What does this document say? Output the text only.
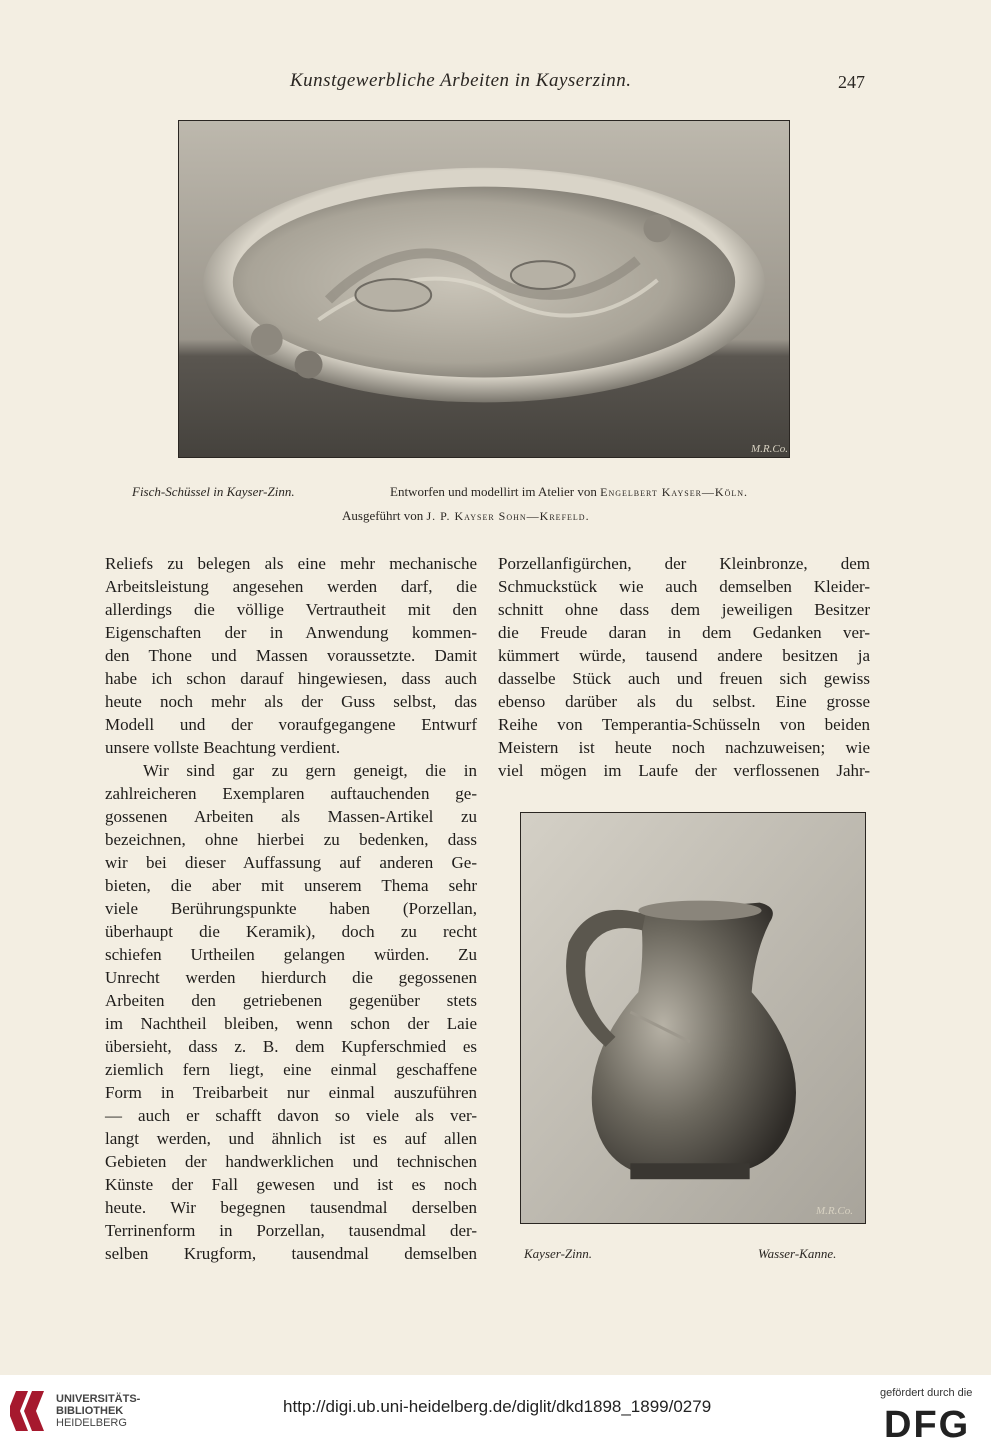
Kunstgewerbliche Arbeiten in Kayserzinn.	247
M.R.Co.
Fisch-Schüssel in Kayser-Zinn.	Entworfen und modellirt im Atelier von Engelbert Kayser—Köln.
Ausgeführt von J. P. Kayser Sohn—Krefeld.
Reliefs zu belegen als eine mehr mechanische
Arbeitsleistung angesehen werden darf, die
allerdings die völlige Vertrautheit mit den
Eigenschaften der in Anwendung kommen-
den Thone und Massen voraussetzte. Damit
habe ich schon darauf hingewiesen, dass auch
heute noch mehr als der Guss selbst, das
Modell und der voraufgegangene Entwurf
unsere vollste Beachtung verdient.
Wir sind gar zu gern geneigt, die in
zahlreicheren Exemplaren auftauchenden ge-
gossenen Arbeiten als Massen-Artikel zu
bezeichnen, ohne hierbei zu bedenken, dass
wir bei dieser Auffassung auf anderen Ge-
bieten, die aber mit unserem Thema sehr
viele Berührungspunkte haben (Porzellan,
überhaupt die Keramik), doch zu recht
schiefen Urtheilen gelangen würden. Zu
Unrecht werden hierdurch die gegossenen
Arbeiten den getriebenen gegenüber stets
im Nachtheil bleiben, wenn schon der Laie
übersieht, dass z. B. dem Kupferschmied es
ziemlich fern liegt, eine einmal geschaffene
Form in Treibarbeit nur einmal auszuführen
— auch er schafft davon so viele als ver-
langt werden, und ähnlich ist es auf allen
Gebieten der handwerklichen und technischen
Künste der Fall gewesen und ist es noch
heute. Wir begegnen tausendmal derselben
Terrinenform in Porzellan, tausendmal der-
selben Krugform, tausendmal demselben
Porzellanfigürchen, der Kleinbronze, dem
Schmuckstück wie auch demselben Kleider-
schnitt ohne dass dem jeweiligen Besitzer
die Freude daran in dem Gedanken ver-
kümmert würde, tausend andere besitzen ja
dasselbe Stück auch und freuen sich gewiss
ebenso darüber als du selbst. Eine grosse
Reihe von Temperantia-Schüsseln von beiden
Meistern ist heute noch nachzuweisen; wie
viel mögen im Laufe der verflossenen Jahr-
M.R.Co.
Kayser-Zinn.	Wasser-Kanne.
UNIVERSITÄTS-
BIBLIOTHEK
HEIDELBERG
http://digi.ub.uni-heidelberg.de/diglit/dkd1898_1899/0279
gefördert durch die
DFG
